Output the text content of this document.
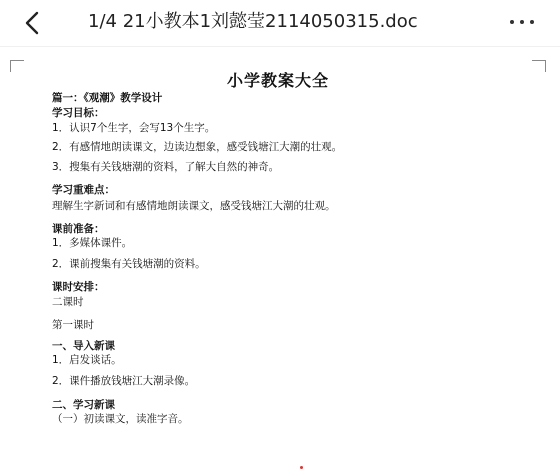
1/4 21小教本1刘懿莹2114050315.doc
小学教案大全
篇一：《观潮》教学设计
学习目标：
1．认识7个生字，会写13个生字。
2．有感情地朗读课文，边读边想象，感受钱塘江大潮的壮观。
3．搜集有关钱塘潮的资料，了解大自然的神奇。
学习重难点：
理解生字新词和有感情地朗读课文，感受钱塘江大潮的壮观。
课前准备：
1．多媒体课件。
2．课前搜集有关钱塘潮的资料。
课时安排：
二课时
第一课时
一、导入新课
1．启发谈话。
2．课件播放钱塘江大潮录像。
二、学习新课
（一）初读课文，读准字音。
